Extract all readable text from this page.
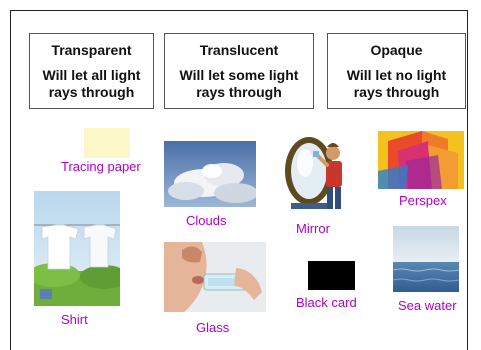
Transparent
Will let all light rays through
Translucent
Will let some light rays through
Opaque
Will let no light rays through
Tracing paper
Clouds
Mirror
Perspex
Shirt
Glass
Black card	Sea water
